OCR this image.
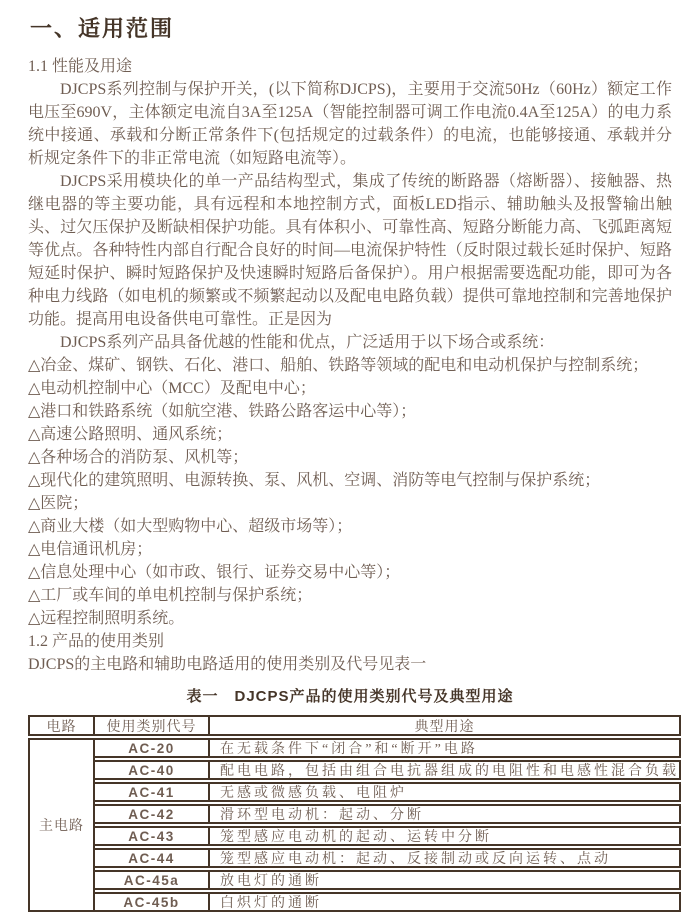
一、适用范围
1.1 性能及用途

DJCPS系列控制与保护开关，(以下简称DJCPS)，主要用于交流50Hz（60Hz）额定工作电压至690V，主体额定电流自3A至125A（智能控制器可调工作电流0.4A至125A）的电力系统中接通、承载和分断正常条件下(包括规定的过载条件）的电流，也能够接通、承载并分析规定条件下的非正常电流（如短路电流等）。

DJCPS采用模块化的单一产品结构型式，集成了传统的断路器（熔断器）、接触器、热继电器的等主要功能，具有远程和本地控制方式，面板LED指示、辅助触头及报警输出触头、过欠压保护及断缺相保护功能。具有体积小、可靠性高、短路分断能力高、飞弧距离短等优点。各种特性内部自行配合良好的时间—电流保护特性（反时限过载长延时保护、短路短延时保护、瞬时短路保护及快速瞬时短路后备保护）。用户根据需要选配功能，即可为各种电力线路（如电机的频繁或不频繁起动以及配电电路负载）提供可靠地控制和完善地保护功能。提高用电设备供电可靠性。正是因为

DJCPS系列产品具备优越的性能和优点，广泛适用于以下场合或系统：

△冶金、煤矿、钢铁、石化、港口、船舶、铁路等领域的配电和电动机保护与控制系统；
△电动机控制中心（MCC）及配电中心；
△港口和铁路系统（如航空港、铁路公路客运中心等）；
△高速公路照明、通风系统；
△各种场合的消防泵、风机等；
△现代化的建筑照明、电源转换、泵、风机、空调、消防等电气控制与保护系统；
△医院；
△商业大楼（如大型购物中心、超级市场等）；
△电信通讯机房；
△信息处理中心（如市政、银行、证券交易中心等）；
△工厂或车间的单电机控制与保护系统；
△远程控制照明系统。
1.2 产品的使用类别

DJCPS的主电路和辅助电路适用的使用类别及代号见表一

表一　DJCPS产品的使用类别代号及典型用途
电路	使用类别代号	典型用途
主电路
AC-20	在无载条件下“闭合”和“断开”电路
AC-40	配电电路，包括由组合电抗器组成的电阻性和电感性混合负载
AC-41	无感或微感负载、电阻炉
AC-42	滑环型电动机：起动、分断
AC-43	笼型感应电动机的起动、运转中分断
AC-44	笼型感应电动机：起动、反接制动或反向运转、点动
AC-45a	放电灯的通断
AC-45b	白炽灯的通断
